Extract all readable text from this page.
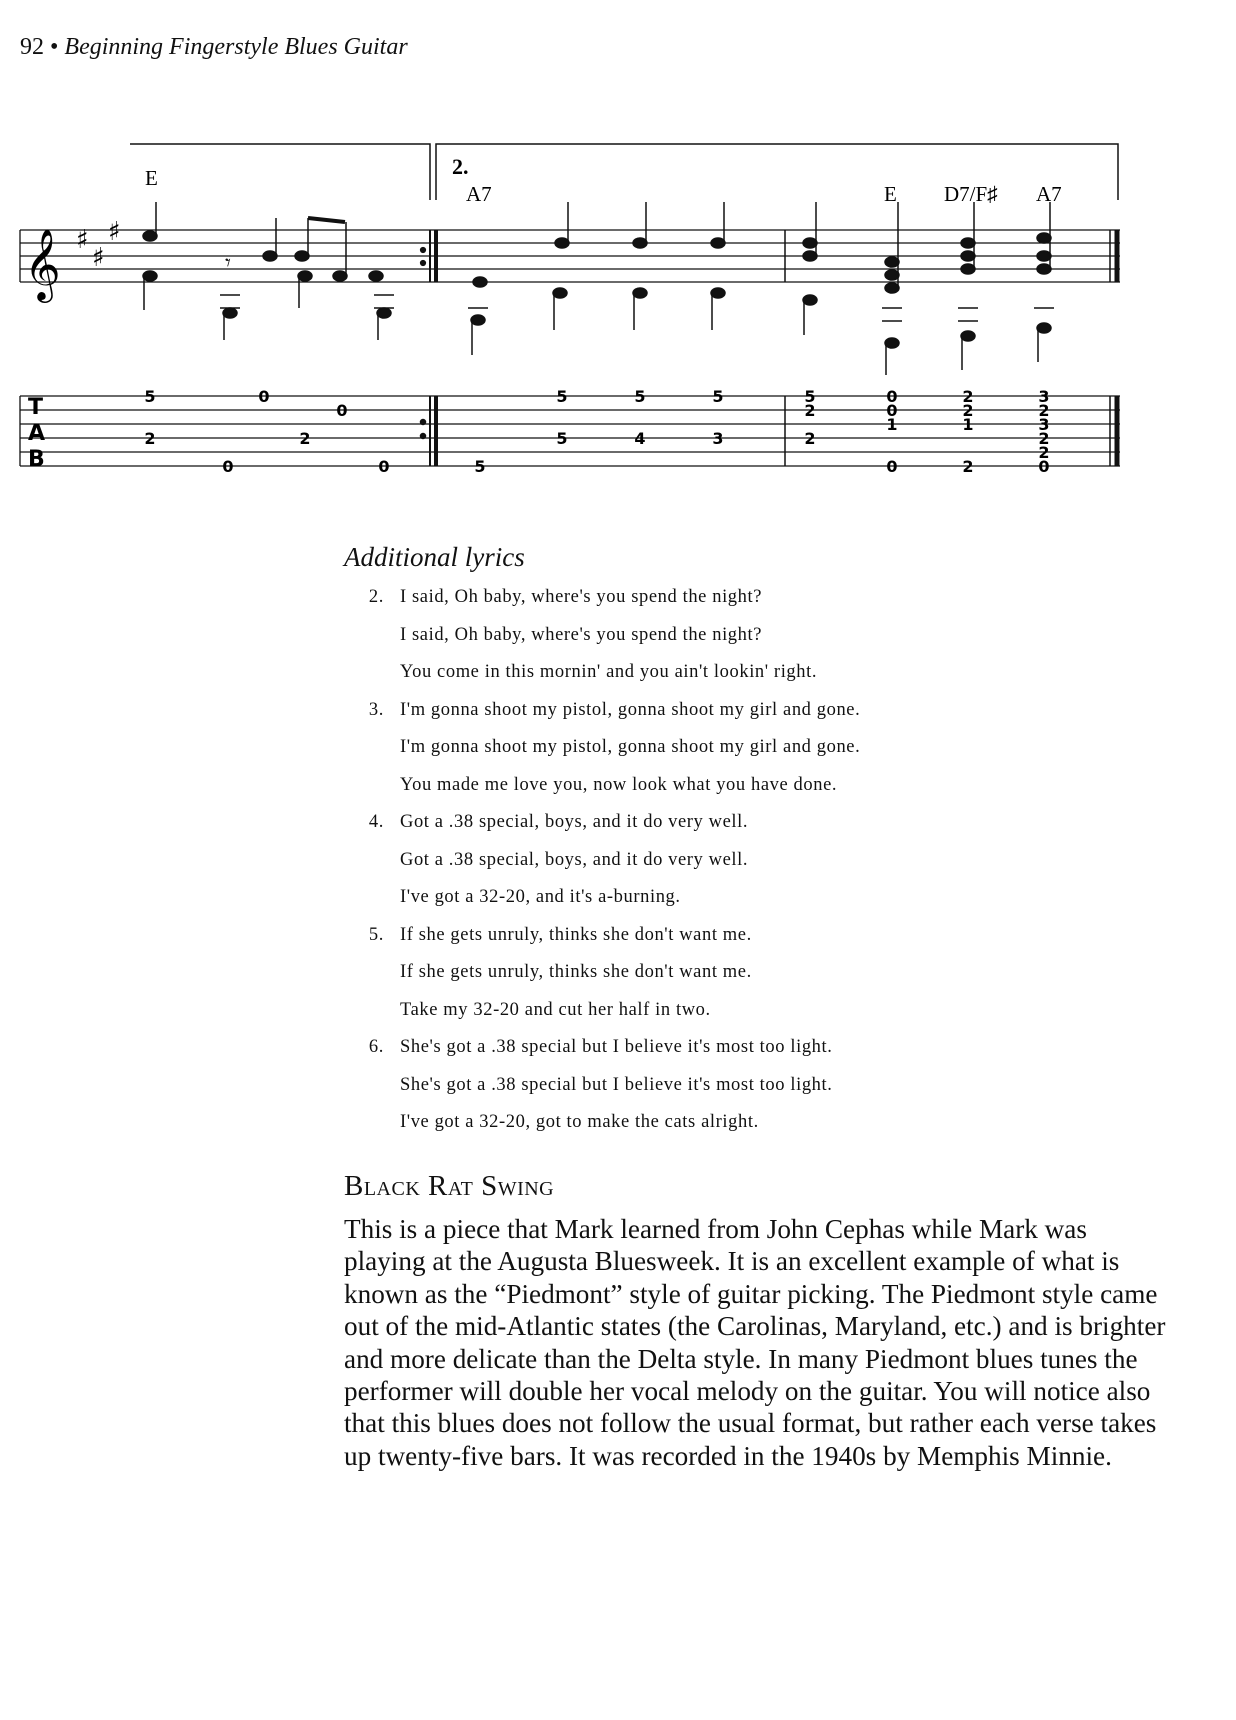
92 • Beginning Fingerstyle Blues Guitar
2.
E
A7	E D7/F♯ A7
𝄞 ♯
♯
♯
𝄾
T
A
B
5	0
0
2	2
0	0
5	5	5
5	4	3
5
5
2
2
0
0
1
0
2
2
1
2
2
3
3
2
2
0
Additional lyrics
2. I said, Oh baby, where's you spend the night?
I said, Oh baby, where's you spend the night?
You come in this mornin' and you ain't lookin' right.
3. I'm gonna shoot my pistol, gonna shoot my girl and gone.
I'm gonna shoot my pistol, gonna shoot my girl and gone.
You made me love you, now look what you have done.
4. Got a .38 special, boys, and it do very well.
Got a .38 special, boys, and it do very well.
I've got a 32-20, and it's a-burning.
5. If she gets unruly, thinks she don't want me.
If she gets unruly, thinks she don't want me.
Take my 32-20 and cut her half in two.
6. She's got a .38 special but I believe it's most too light.
She's got a .38 special but I believe it's most too light.
I've got a 32-20, got to make the cats alright.
Black Rat Swing
This is a piece that Mark learned from John Cephas while Mark was playing at the Augusta Bluesweek. It is an excellent example of what is known as the “Piedmont” style of guitar picking. The Piedmont style came out of the mid-Atlantic states (the Carolinas, Maryland, etc.) and is brighter and more delicate than the Delta style. In many Piedmont blues tunes the performer will double her vocal melody on the guitar. You will notice also that this blues does not follow the usual format, but rather each verse takes up twenty-five bars. It was recorded in the 1940s by Memphis Minnie.
